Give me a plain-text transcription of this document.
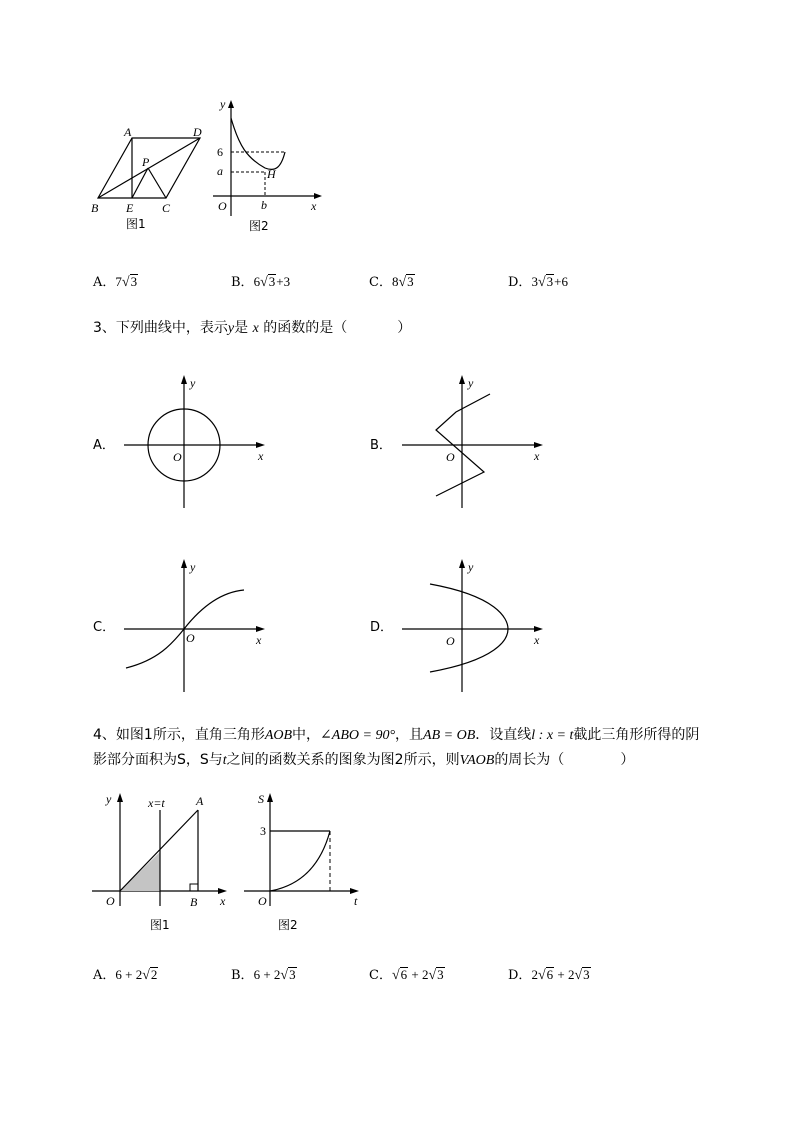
A	D
P
B E C
图1
y
x
O
6
a	H
b
图2
A．7√3	B．6√3+3	C．8√3	D．3√3+6
3、下列曲线中，表示y是 x 的函数的是（	）
A．
y
x
O
B．
y
x
O
C．
y
x
O
D．
y
x
O
4、如图1所示，直角三角形AOB中，∠ABO = 90°，且AB = OB．设直线l : x = t截此三角形所得的阴
影部分面积为S，S与t之间的函数关系的图象为图2所示，则VAOB的周长为（	）
y
x
O
A
B
x=t
图1
S
t
O
3
图2
A．6 + 2√2	B．6 + 2√3	C．√6 + 2√3	D．2√6 + 2√3
